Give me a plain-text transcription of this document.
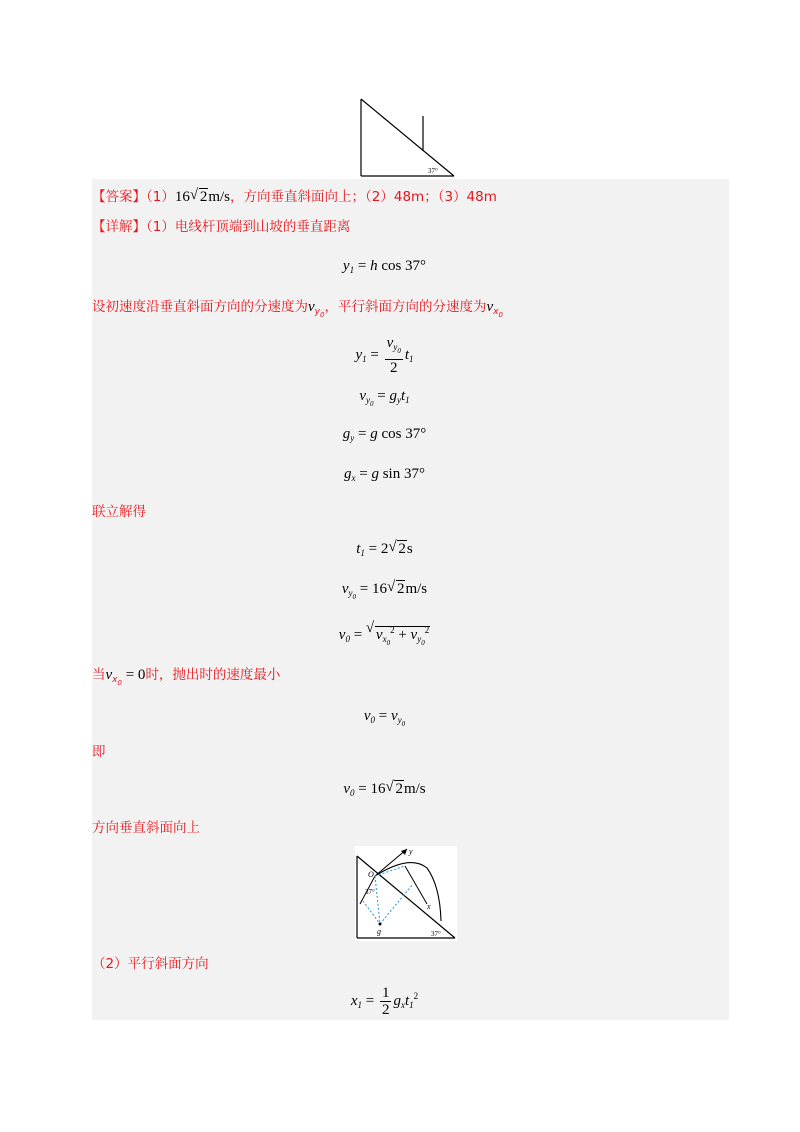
37°
【答案】（1）16 √ 2m/s，方向垂直斜面向上；（2）48m；（3）48m
【详解】（1）电线杆顶端到山坡的垂直距离
$y_1 = h$ cos 37°
设初速度沿垂直斜面方向的分速度为$v_{y_0}$，平行斜面方向的分速度为$v_{x_0}$
$y_1 = \frac{v_{y_0}}{2} t_1$
$v_{y_0} = g_yt_1$
$g_y = g$ cos 37°
$g_x = g$ sin 37°
联立解得
$t_1 = 2$ √ 2s
$v_{y_0} = 16$ √ 2m/s
$v_0$ = √ $v_{x_0}^2 + v_{y_0}^2$
当$v_{x_0} = 0$时，抛出时的速度最小
$v_0 = v_{y_0}$
即
$v_0 = 16$ √ 2m/s
方向垂直斜面向上
y
O
37°
g
x
37°
（2）平行斜面方向
$x_1 = \frac{1}{2} g_xt_1^2$
